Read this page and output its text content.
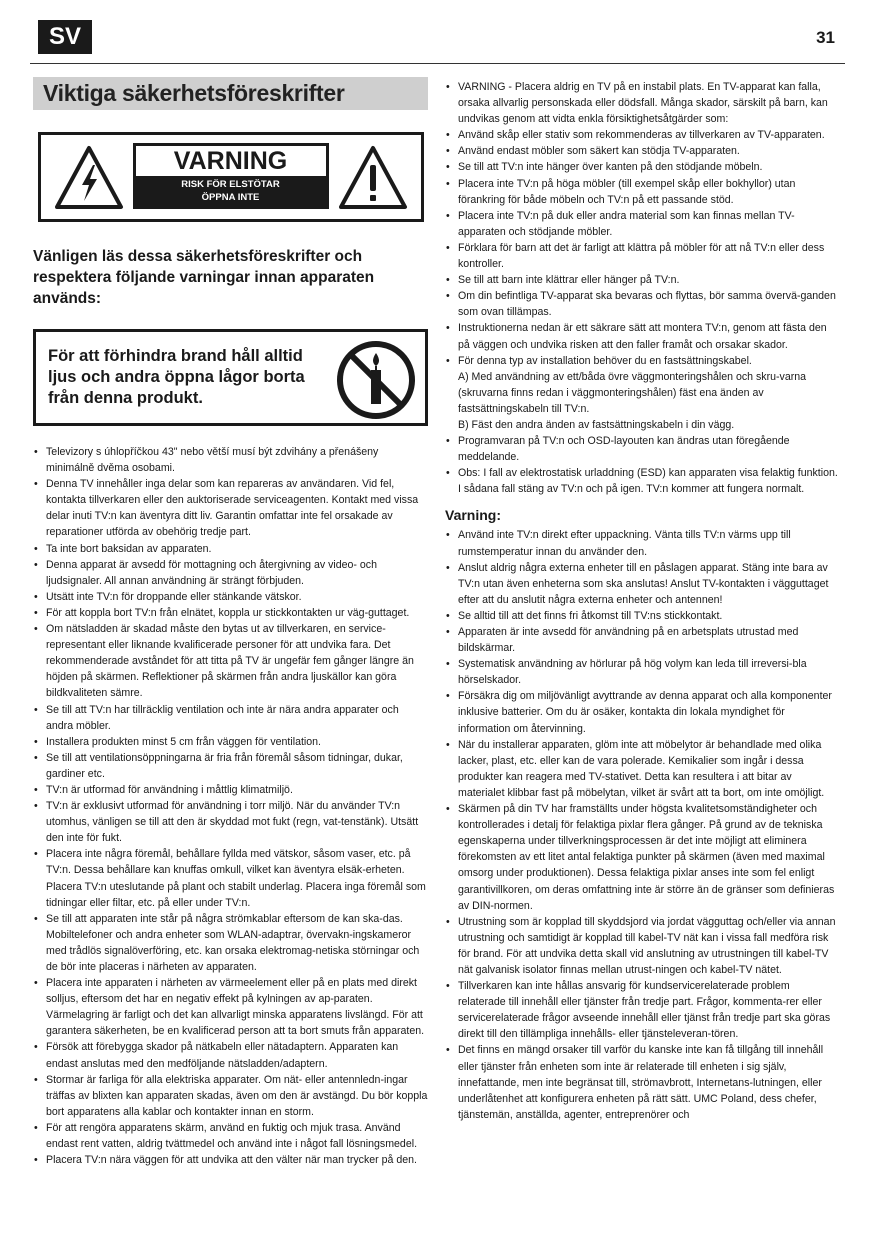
SV	31
Viktiga säkerhetsföreskrifter
VARNING
RISK FÖR ELSTÖTAR
ÖPPNA INTE
Vänligen läs dessa säkerhetsföreskrifter och respektera följande varningar innan apparaten används:
För att förhindra brand håll alltid ljus och andra öppna lågor borta från denna produkt.
• Televizory s úhlopříčkou 43" nebo větší musí být zdvihány a přenášeny minimálně dvěma osobami.
• Denna TV innehåller inga delar som kan repareras av användaren. Vid fel, kontakta tillverkaren eller den auktoriserade serviceagenten. Kontakt med vissa delar inuti TV:n kan äventyra ditt liv. Garantin omfattar inte fel orsakade av reparationer utförda av obehörig tredje part.
• Ta inte bort baksidan av apparaten.
• Denna apparat är avsedd för mottagning och återgivning av video- och ljudsignaler. All annan användning är strängt förbjuden.
• Utsätt inte TV:n för droppande eller stänkande vätskor.
• För att koppla bort TV:n från elnätet, koppla ur stickkontakten ur väg-guttaget.
• Om nätsladden är skadad måste den bytas ut av tillverkaren, en service-representant eller liknande kvalificerade personer för att undvika fara. Det rekommenderade avståndet för att titta på TV är ungefär fem gånger längre än höjden på skärmen. Reflektioner på skärmen från andra ljuskällor kan göra bildkvaliteten sämre.
• Se till att TV:n har tillräcklig ventilation och inte är nära andra apparater och andra möbler.
• Installera produkten minst 5 cm från väggen för ventilation.
• Se till att ventilationsöppningarna är fria från föremål såsom tidningar, dukar, gardiner etc.
• TV:n är utformad för användning i måttlig klimatmiljö.
• TV:n är exklusivt utformad för användning i torr miljö. När du använder TV:n utomhus, vänligen se till att den är skyddad mot fukt (regn, vat-tenstänk). Utsätt den inte för fukt.
• Placera inte några föremål, behållare fyllda med vätskor, såsom vaser, etc. på TV:n. Dessa behållare kan knuffas omkull, vilket kan äventyra elsäk-erheten. Placera TV:n uteslutande på plant och stabilt underlag. Placera inga föremål som tidningar eller filtar, etc. på eller under TV:n.
• Se till att apparaten inte står på några strömkablar eftersom de kan ska-das. Mobiltelefoner och andra enheter som WLAN-adaptrar, övervakn-ingskameror med trådlös signalöverföring, etc. kan orsaka elektromag-netiska störningar och de bör inte placeras i närheten av apparaten.
• Placera inte apparaten i närheten av värmeelement eller på en plats med direkt solljus, eftersom det har en negativ effekt på kylningen av ap-paraten. Värmelagring är farligt och det kan allvarligt minska apparatens livslängd. För att garantera säkerheten, be en kvalificerad person att ta bort smuts från apparaten.
• Försök att förebygga skador på nätkabeln eller nätadaptern. Apparaten kan endast anslutas med den medföljande nätsladden/adaptern.
• Stormar är farliga för alla elektriska apparater. Om nät- eller antennledn-ingar träffas av blixten kan apparaten skadas, även om den är avstängd. Du bör koppla bort apparatens alla kablar och kontakter innan en storm.
• För att rengöra apparatens skärm, använd en fuktig och mjuk trasa. Använd endast rent vatten, aldrig tvättmedel och använd inte i något fall lösningsmedel.
• Placera TV:n nära väggen för att undvika att den välter när man trycker på den.
• VARNING - Placera aldrig en TV på en instabil plats. En TV-apparat kan falla, orsaka allvarlig personskada eller dödsfall. Många skador, särskilt på barn, kan undvikas genom att vidta enkla försiktighetsåtgärder som:
• Använd skåp eller stativ som rekommenderas av tillverkaren av TV-apparaten.
• Använd endast möbler som säkert kan stödja TV-apparaten.
• Se till att TV:n inte hänger över kanten på den stödjande möbeln.
• Placera inte TV:n på höga möbler (till exempel skåp eller bokhyllor) utan förankring för både möbeln och TV:n på ett passande stöd.
• Placera inte TV:n på duk eller andra material som kan finnas mellan TV-apparaten och stödjande möbler.
• Förklara för barn att det är farligt att klättra på möbler för att nå TV:n eller dess kontroller.
• Se till att barn inte klättrar eller hänger på TV:n.
• Om din befintliga TV-apparat ska bevaras och flyttas, bör samma övervä-ganden som ovan tillämpas.
• Instruktionerna nedan är ett säkrare sätt att montera TV:n, genom att fästa den på väggen och undvika risken att den faller framåt och orsakar skador.
• För denna typ av installation behöver du en fastsättningskabel.
A) Med användning av ett/båda övre väggmonteringshålen och skru-varna (skruvarna finns redan i väggmonteringshålen) fäst ena änden av fastsättningskabeln till TV:n.
B) Fäst den andra änden av fastsättningskabeln i din vägg.
• Programvaran på TV:n och OSD-layouten kan ändras utan föregående meddelande.
• Obs: I fall av elektrostatisk urladdning (ESD) kan apparaten visa felaktig funktion. I sådana fall stäng av TV:n och på igen. TV:n kommer att fungera normalt.
Varning:
• Använd inte TV:n direkt efter uppackning. Vänta tills TV:n värms upp till rumstemperatur innan du använder den.
• Anslut aldrig några externa enheter till en påslagen apparat. Stäng inte bara av TV:n utan även enheterna som ska anslutas! Anslut TV-kontakten i vägguttaget efter att du anslutit några externa enheter och antennen!
• Se alltid till att det finns fri åtkomst till TV:ns stickkontakt.
• Apparaten är inte avsedd för användning på en arbetsplats utrustad med bildskärmar.
• Systematisk användning av hörlurar på hög volym kan leda till irreversi-bla hörselskador.
• Försäkra dig om miljövänligt avyttrande av denna apparat och alla komponenter inklusive batterier. Om du är osäker, kontakta din lokala myndighet för information om återvinning.
• När du installerar apparaten, glöm inte att möbelytor är behandlade med olika lacker, plast, etc. eller kan de vara polerade. Kemikalier som ingår i dessa produkter kan reagera med TV-stativet. Detta kan resultera i att bitar av materialet klibbar fast på möbelytan, vilket är svårt att ta bort, om inte omöjligt.
• Skärmen på din TV har framställts under högsta kvalitetsomständigheter och kontrollerades i detalj för felaktiga pixlar flera gånger. På grund av de tekniska egenskaperna under tillverkningsprocessen är det inte möjligt att eliminera förekomsten av ett litet antal felaktiga punkter på skärmen (även med maximal omsorg under produktionen). Dessa felaktiga pixlar anses inte som fel enligt garantivillkoren, om deras omfattning inte är större än de gränser som definieras av DIN-normen.
• Utrustning som är kopplad till skyddsjord via jordat vägguttag och/eller via annan utrustning och samtidigt är kopplad till kabel-TV nät kan i vissa fall medföra risk för brand. För att undvika detta skall vid anslutning av utrustningen till kabel-TV nät galvanisk isolator finnas mellan utrust-ningen och kabel-TV nätet.
• Tillverkaren kan inte hållas ansvarig för kundservicerelaterade problem relaterade till innehåll eller tjänster från tredje part. Frågor, kommenta-rer eller servicerelaterade frågor avseende innehåll eller tjänst från tredje part ska göras direkt till den tillämpliga innehålls- eller tjänsteleveran-tören.
• Det finns en mängd orsaker till varför du kanske inte kan få tillgång till innehåll eller tjänster från enheten som inte är relaterade till enheten i sig själv, innefattande, men inte begränsat till, strömavbrott, Internetans-lutningen, eller underlåtenhet att konfigurera enheten på rätt sätt. UMC Poland, dess chefer, tjänstemän, anställda, agenter, entreprenörer och
